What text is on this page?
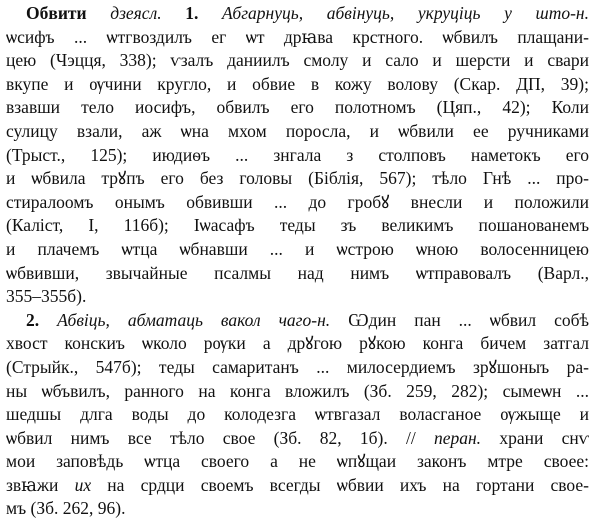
Обвити дзеясл. 1. Абгарнуць, абвінуць, укруціць у што-н.
ѡсифъ ... ѡтгвоздилъ ег ѡт дрꙗва крстного. ѡбвилъ плащани-
цею (Чэцця, 338); ѵзалъ даниилъ смолу и сало и шерсти и свари
вкупе и ѹчини кругло, и обвие в кожу волову (Скар. ДП, 39);
взавши тело иосифъ, обвилъ его полотномъ (Цяп., 42); Коли
сулицу взали, аж ѡна мхом поросла, и ѡбвили ее ручниками
(Трыст., 125); июдиѳъ ... знгала з столповъ наметокъ его
и ѡбвила трꙋпъ его без головы (Біблія, 567); тѣло Гнѣ ... про-
стиралоомъ онымъ обвивши ... до гробꙋ внесли и положили
(Каліст, І, 116б); Іѡасафъ теды зъ великимъ пошанованемъ
и плачемъ ѡтца ѡбнавши ... и ѡстрою ѡною волосенницею
ѡбвивши, звычайные псалмы над нимъ ѡтправовалъ (Варл.,
355–355б).
2. Абвіць, абматаць вакол чаго-н. Ѡдин пан ... ѡбвил собѣ
хвост конскиъ ѡколо рѹки а дрꙋгою рꙋкою конга бичем затгал
(Стрыйк., 547б); теды самаританъ ... милосердиемъ зрꙋшоныъ ра-
ны ѡбъвилъ, ранного на конга вложилъ (Зб. 259, 282); сымеѡн ...
шедшы длга воды до колодезга ѡтвгазал воласганое ѹжыще и
ѡбвил нимъ все тѣло свое (Зб. 82, 1б). // перан. храни снѵ
мои заповѣдь ѡтца своего а не ѡпꙋщаи законъ мтре своее:
звꙗжи их на срдци своемъ всегды ѡбвии ихъ на гортани свое-
мъ (Зб. 262, 96).
